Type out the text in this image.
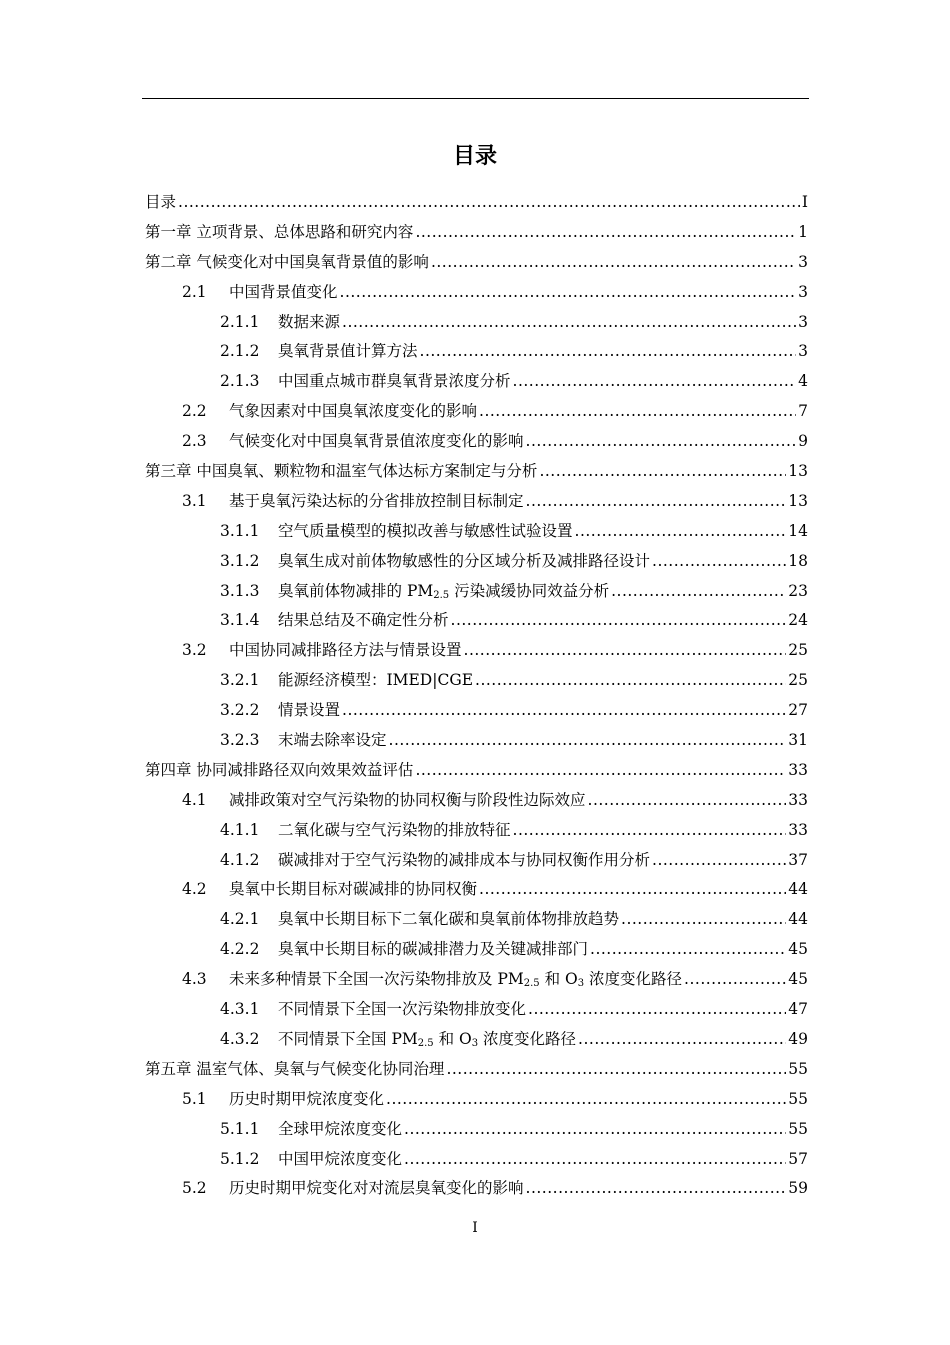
目录
目录 .....	I
第一章 立项背景、总体思路和研究内容 .....	1
第二章 气候变化对中国臭氧背景值的影响 .....	3
2.1	中国背景值变化 .....	3
2.1.1	数据来源 .....	3
2.1.2	臭氧背景值计算方法 .....	3
2.1.3	中国重点城市群臭氧背景浓度分析 .....	4
2.2	气象因素对中国臭氧浓度变化的影响 .....	7
2.3	气候变化对中国臭氧背景值浓度变化的影响 .....	9
第三章 中国臭氧、颗粒物和温室气体达标方案制定与分析 .....	13
3.1	基于臭氧污染达标的分省排放控制目标制定 .....	13
3.1.1	空气质量模型的模拟改善与敏感性试验设置 .....	14
3.1.2	臭氧生成对前体物敏感性的分区域分析及减排路径设计 .....	18
3.1.3	臭氧前体物减排的 $PM_{2.5}$ 污染减缓协同效益分析 .....	23
3.1.4	结果总结及不确定性分析 .....	24
3.2	中国协同减排路径方法与情景设置 .....	25
3.2.1	能源经济模型：IMED|CGE .....	25
3.2.2	情景设置 .....	27
3.2.3	末端去除率设定 .....	31
第四章 协同减排路径双向效果效益评估 .....	33
4.1	减排政策对空气污染物的协同权衡与阶段性边际效应 .....	33
4.1.1	二氧化碳与空气污染物的排放特征 .....	33
4.1.2	碳减排对于空气污染物的减排成本与协同权衡作用分析 .....	37
4.2	臭氧中长期目标对碳减排的协同权衡 .....	44
4.2.1	臭氧中长期目标下二氧化碳和臭氧前体物排放趋势 .....	44
4.2.2	臭氧中长期目标的碳减排潜力及关键减排部门 .....	45
4.3	未来多种情景下全国一次污染物排放及 $PM_{2.5}$ 和 $O_3$ 浓度变化路径 .....	45
4.3.1	不同情景下全国一次污染物排放变化 .....	47
4.3.2	不同情景下全国 $PM_{2.5}$ 和 $O_3$ 浓度变化路径 .....	49
第五章 温室气体、臭氧与气候变化协同治理 .....	55
5.1	历史时期甲烷浓度变化 .....	55
5.1.1	全球甲烷浓度变化 .....	55
5.1.2	中国甲烷浓度变化 .....	57
5.2	历史时期甲烷变化对对流层臭氧变化的影响 .....	59
I
